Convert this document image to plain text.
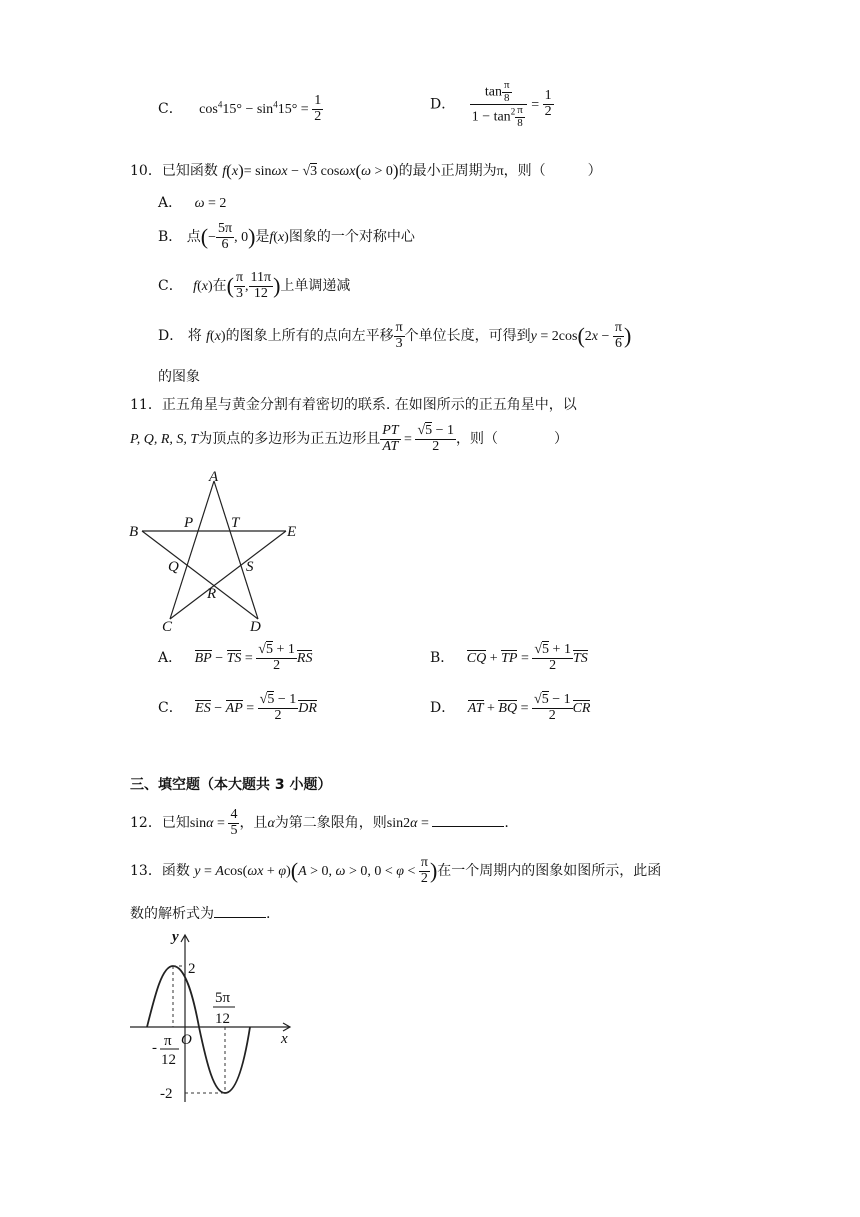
C． $\cos^415^\circ - \sin^415^\circ = \frac{1}{2}$	D． $\frac{\tan \frac{\pi}{8}}{1 - \tan^2 \frac{\pi}{8}} = \frac{1}{2}$
10．已知函数 f(x)= sinωx − √3 cosωx(ω > 0)的最小正周期为π，则（　　　）
A． ω = 2
B． 点(− $\frac{5\pi}{6}$ , 0)是f(x)图象的一个对称中心
C． f(x)在( $\frac{\pi}{3}$ , $\frac{11\pi}{12}$ )上单调递减
D． 将 f(x)的图象上所有的点向左平移 $\frac{\pi}{3}$ 个单位长度，可得到$y = 2\cos(2x - \frac{\pi}{6}$ )
的图象
11．正五角星与黄金分割有着密切的联系. 在如图所示的正五角星中，以
P, Q, R, S, T为顶点的多边形为正五边形且 $\frac{PT}{AT} = \frac{√5 - 1}{2}$ ，则（　　　　）
A
B	E
P	T
Q	S
R
C	D
A． BP − TS = $\frac{√5 + 1}{2}$ RS	B． CQ + TP = $\frac{√5 + 1}{2}$ TS
C． ES − AP = $\frac{√5 - 1}{2}$ DR	D． AT + BQ = $\frac{√5 - 1}{2}$ CR
三、填空题（本大题共 3 小题）
12．已知$\sin\alpha = \frac{4}{5}$ ，且α为第二象限角，则sin2α =	.
13．函数 y = Acos(ωx + φ)(A > 0, ω > 0, $0 < \varphi < \frac{\pi}{2}$ )在一个周期内的图象如图所示，此函
数的解析式为	.
y
x
O
2
-2
5π
12
- π
12
